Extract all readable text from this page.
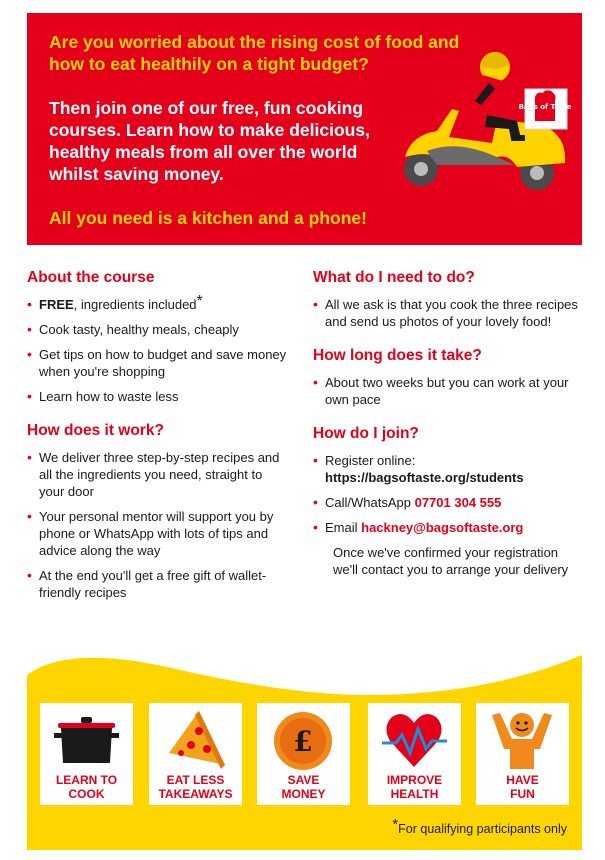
Are you worried about the rising cost of food and how to eat healthily on a tight budget?
Then join one of our free, fun cooking courses. Learn how to make delicious, healthy meals from all over the world whilst saving money.
All you need is a kitchen and a phone!
Bags of Taste
About the course
• FREE, ingredients included*
• Cook tasty, healthy meals, cheaply
• Get tips on how to budget and save money when you're shopping
• Learn how to waste less
How does it work?
• We deliver three step-by-step recipes and all the ingredients you need, straight to your door
• Your personal mentor will support you by phone or WhatsApp with lots of tips and advice along the way
• At the end you'll get a free gift of wallet-friendly recipes
What do I need to do?
• All we ask is that you cook the three recipes and send us photos of your lovely food!
How long does it take?
• About two weeks but you can work at your own pace
How do I join?
• Register online:
https://bagsoftaste.org/students
• Call/WhatsApp 07701 304 555
• Email hackney@bagsoftaste.org
Once we've confirmed your registration we'll contact you to arrange your delivery
LEARN TO
COOK
EAT LESS
TAKEAWAYS
£
SAVE
MONEY
IMPROVE
HEALTH
HAVE
FUN
*For qualifying participants only
